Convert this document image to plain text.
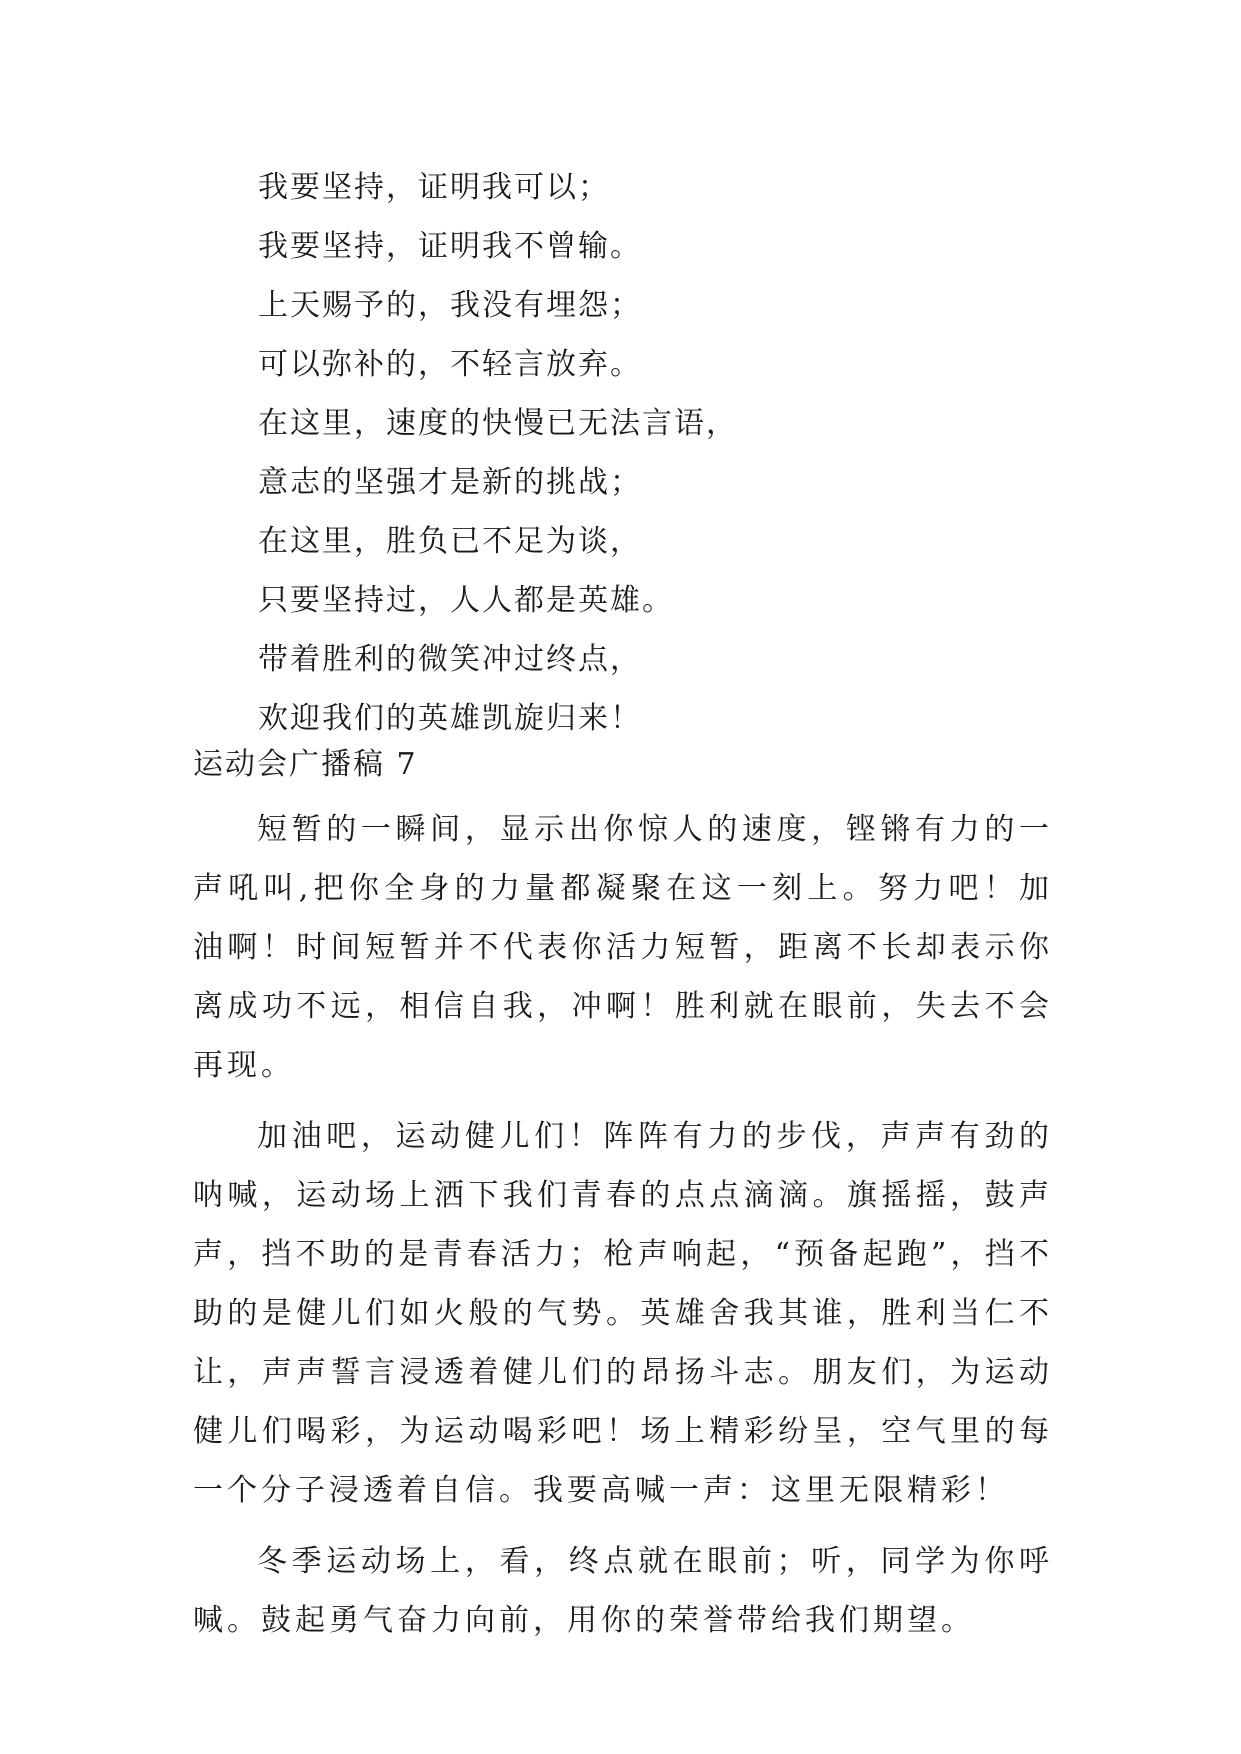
我要坚持，证明我可以；
我要坚持，证明我不曾输。
上天赐予的，我没有埋怨；
可以弥补的，不轻言放弃。
在这里，速度的快慢已无法言语，
意志的坚强才是新的挑战；
在这里，胜负已不足为谈，
只要坚持过，人人都是英雄。
带着胜利的微笑冲过终点，
欢迎我们的英雄凯旋归来！
运动会广播稿 7

短暂的一瞬间，显示出你惊人的速度，铿锵有力的一声吼叫,把你全身的力量都凝聚在这一刻上。努力吧！加油啊！时间短暂并不代表你活力短暂，距离不长却表示你离成功不远，相信自我，冲啊！胜利就在眼前，失去不会再现。

加油吧，运动健儿们！阵阵有力的步伐，声声有劲的呐喊，运动场上洒下我们青春的点点滴滴。旗摇摇，鼓声声，挡不助的是青春活力；枪声响起，“预备起跑”，挡不助的是健儿们如火般的气势。英雄舍我其谁，胜利当仁不让，声声誓言浸透着健儿们的昂扬斗志。朋友们，为运动健儿们喝彩，为运动喝彩吧！场上精彩纷呈，空气里的每一个分子浸透着自信。我要高喊一声：这里无限精彩！

冬季运动场上，看，终点就在眼前；听，同学为你呼喊。鼓起勇气奋力向前，用你的荣誉带给我们期望。
